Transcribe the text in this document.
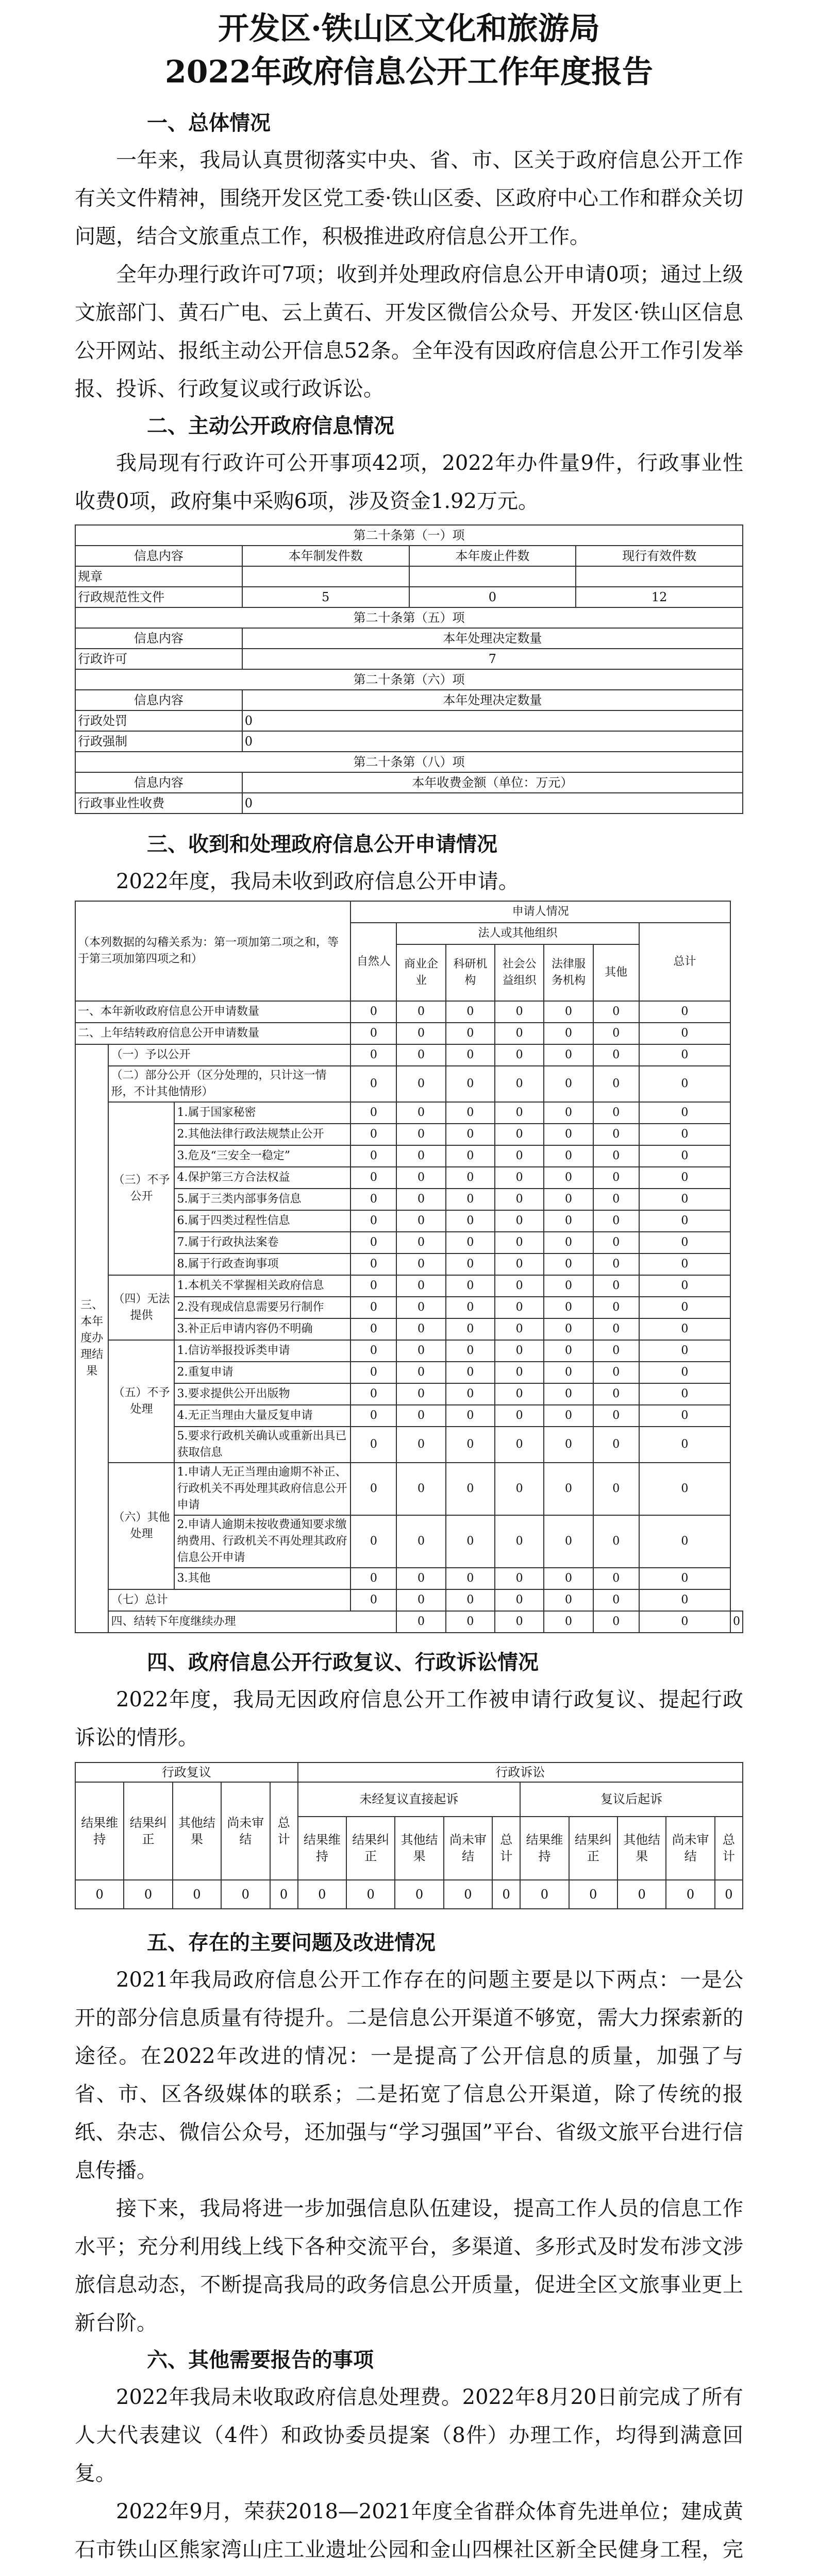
开发区·铁山区文化和旅游局
2022年政府信息公开工作年度报告
一、总体情况

一年来，我局认真贯彻落实中央、省、市、区关于政府信息公开工作有关文件精神，围绕开发区党工委·铁山区委、区政府中心工作和群众关切问题，结合文旅重点工作，积极推进政府信息公开工作。

全年办理行政许可7项；收到并处理政府信息公开申请0项；通过上级文旅部门、黄石广电、云上黄石、开发区微信公众号、开发区·铁山区信息公开网站、报纸主动公开信息52条。全年没有因政府信息公开工作引发举报、投诉、行政复议或行政诉讼。

二、主动公开政府信息情况

我局现有行政许可公开事项42项，2022年办件量9件，行政事业性收费0项，政府集中采购6项，涉及资金1.92万元。

第二十条第（一）项			
信息内容	本年制发件数	本年废止件数	现行有效件数
规章			
行政规范性文件	5	0	12
第二十条第（五）项			
信息内容	本年处理决定数量		
行政许可	7		
第二十条第（六）项			
信息内容	本年处理决定数量		
行政处罚	0		
行政强制	0		
第二十条第（八）项			
信息内容	本年收费金额（单位：万元）		
行政事业性收费	0		
三、收到和处理政府信息公开申请情况

2022年度，我局未收到政府信息公开申请。

（本列数据的勾稽关系为：第一项加第二项之和，等于第三项加第四项之和）			申请人情况							
			自然人	法人或其他组织					总计	
				商业企业	科研机构	社会公益组织	法律服务机构	其他		
一、本年新收政府信息公开申请数量			0	0	0	0	0	0	0	
二、上年结转政府信息公开申请数量			0	0	0	0	0	0	0	
三、本年度办理结果	（一）予以公开		0	0	0	0	0	0	0	
	（二）部分公开（区分处理的，只计这一情形，不计其他情形）		0	0	0	0	0	0	0	
	（三）不予公开	1.属于国家秘密	0	0	0	0	0	0	0	
		2.其他法律行政法规禁止公开	0	0	0	0	0	0	0	
		3.危及“三安全一稳定”	0	0	0	0	0	0	0	
		4.保护第三方合法权益	0	0	0	0	0	0	0	
		5.属于三类内部事务信息	0	0	0	0	0	0	0	
		6.属于四类过程性信息	0	0	0	0	0	0	0	
		7.属于行政执法案卷	0	0	0	0	0	0	0	
		8.属于行政查询事项	0	0	0	0	0	0	0	
	（四）无法提供	1.本机关不掌握相关政府信息	0	0	0	0	0	0	0	
		2.没有现成信息需要另行制作	0	0	0	0	0	0	0	
		3.补正后申请内容仍不明确	0	0	0	0	0	0	0	
	（五）不予处理	1.信访举报投诉类申请	0	0	0	0	0	0	0	
		2.重复申请	0	0	0	0	0	0	0	
		3.要求提供公开出版物	0	0	0	0	0	0	0	
		4.无正当理由大量反复申请	0	0	0	0	0	0	0	
		5.要求行政机关确认或重新出具已获取信息	0	0	0	0	0	0	0	
	（六）其他处理	1.申请人无正当理由逾期不补正、行政机关不再处理其政府信息公开申请	0	0	0	0	0	0	0	
		2.申请人逾期未按收费通知要求缴纳费用、行政机关不再处理其政府信息公开申请	0	0	0	0	0	0	0	
		3.其他	0	0	0	0	0	0	0	
	（七）总计		0	0	0	0	0	0	0	
	四、结转下年度继续办理			0	0	0	0	0	0	0
四、政府信息公开行政复议、行政诉讼情况

2022年度，我局无因政府信息公开工作被申请行政复议、提起行政诉讼的情形。

行政复议					行政诉讼									
结果维持	结果纠正	其他结果	尚未审结	总计	未经复议直接起诉					复议后起诉				
					结果维持	结果纠正	其他结果	尚未审结	总计	结果维持	结果纠正	其他结果	尚未审结	总计
0	0	0	0	0	0	0	0	0	0	0	0	0	0	0
五、存在的主要问题及改进情况

2021年我局政府信息公开工作存在的问题主要是以下两点：一是公开的部分信息质量有待提升。二是信息公开渠道不够宽，需大力探索新的途径。在2022年改进的情况：一是提高了公开信息的质量，加强了与省、市、区各级媒体的联系；二是拓宽了信息公开渠道，除了传统的报纸、杂志、微信公众号，还加强与“学习强国”平台、省级文旅平台进行信息传播。

接下来，我局将进一步加强信息队伍建设，提高工作人员的信息工作水平；充分利用线上线下各种交流平台，多渠道、多形式及时发布涉文涉旅信息动态，不断提高我局的政务信息公开质量，促进全区文旅事业更上新台阶。

六、其他需要报告的事项

2022年我局未收取政府信息处理费。2022年8月20日前完成了所有人大代表建议（4件）和政协委员提案（8件）办理工作，均得到满意回复。

2022年9月，荣获2018—2021年度全省群众体育先进单位；建成黄石市铁山区熊家湾山庄工业遗址公园和金山四棵社区新全民健身工程，完
